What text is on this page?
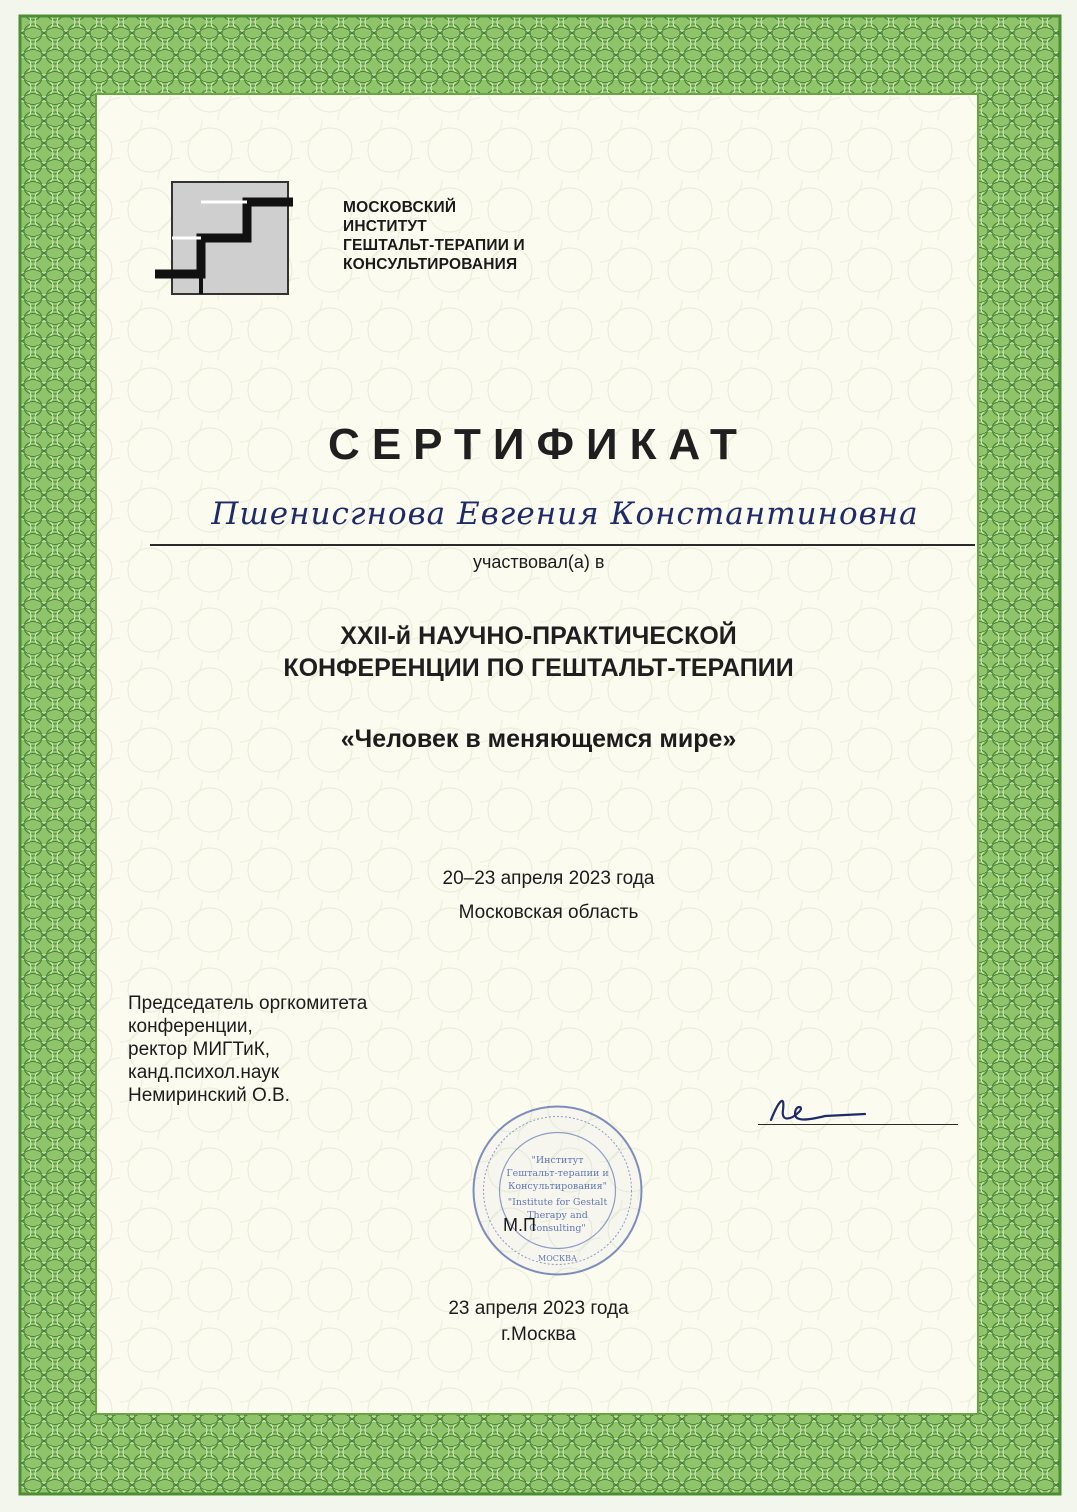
МОСКОВСКИЙ
ИНСТИТУТ
ГЕШТАЛЬТ-ТЕРАПИИ И
КОНСУЛЬТИРОВАНИЯ
СЕРТИФИКАТ
Пшенисгнова Евгения Константиновна
участвовал(а) в
XXII-й НАУЧНО-ПРАКТИЧЕСКОЙ
КОНФЕРЕНЦИИ ПО ГЕШТАЛЬТ-ТЕРАПИИ
«Человек в меняющемся мире»
20–23 апреля 2023 года
Московская область
Председатель оргкомитета
конференции,
ректор МИГТиК,
канд.психол.наук
Немиринский О.В.
"Институт
Гештальт-терапии и
Консультирования"
"Institute for Gestalt
Therapy and
Consulting"
МОСКВА
М.П
23 апреля 2023 года
г.Москва
